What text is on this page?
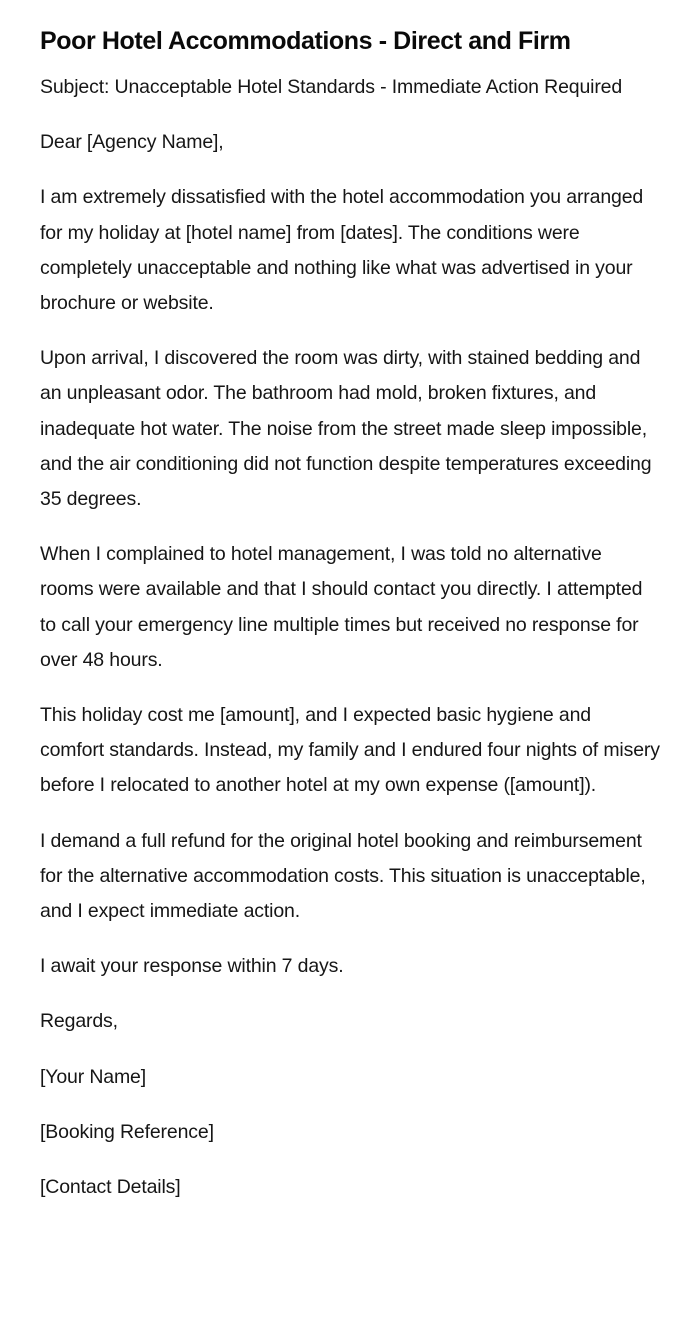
Poor Hotel Accommodations - Direct and Firm

Subject: Unacceptable Hotel Standards - Immediate Action Required

Dear [Agency Name],

I am extremely dissatisfied with the hotel accommodation you arranged for my holiday at [hotel name] from [dates]. The conditions were completely unacceptable and nothing like what was advertised in your brochure or website.

Upon arrival, I discovered the room was dirty, with stained bedding and an unpleasant odor. The bathroom had mold, broken fixtures, and inadequate hot water. The noise from the street made sleep impossible, and the air conditioning did not function despite temperatures exceeding 35 degrees.

When I complained to hotel management, I was told no alternative rooms were available and that I should contact you directly. I attempted to call your emergency line multiple times but received no response for over 48 hours.

This holiday cost me [amount], and I expected basic hygiene and comfort standards. Instead, my family and I endured four nights of misery before I relocated to another hotel at my own expense ([amount]).

I demand a full refund for the original hotel booking and reimbursement for the alternative accommodation costs. This situation is unacceptable, and I expect immediate action.

I await your response within 7 days.

Regards,

[Your Name]

[Booking Reference]

[Contact Details]
